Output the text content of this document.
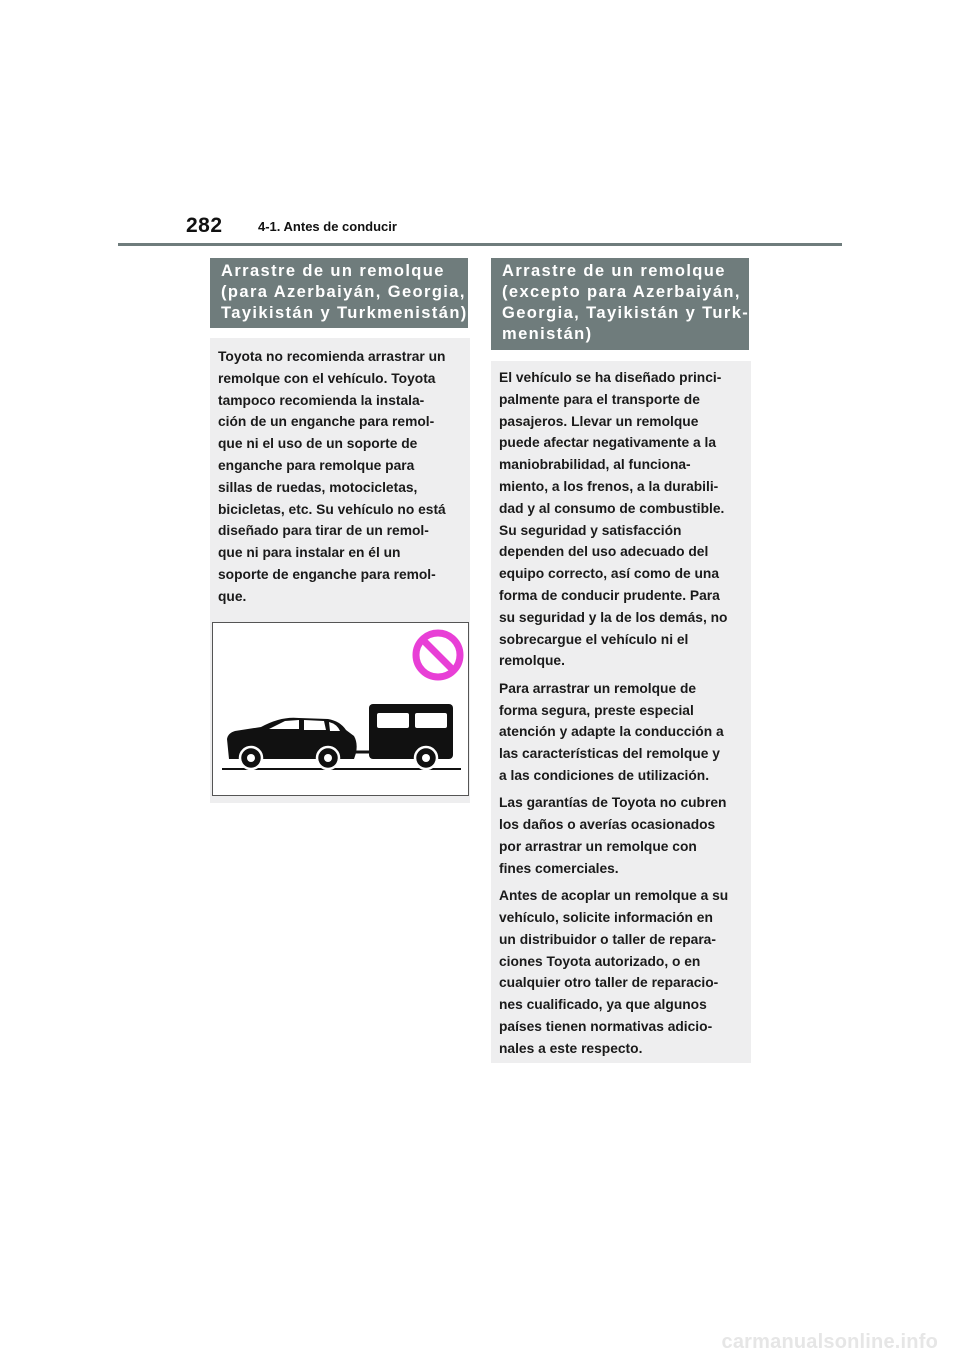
282	4-1. Antes de conducir
Arrastre de un remolque
(para Azerbaiyán, Georgia,
Tayikistán y Turkmenistán)
Toyota no recomienda arrastrar un
remolque con el vehículo. Toyota
tampoco recomienda la instala-
ción de un enganche para remol-
que ni el uso de un soporte de
enganche para remolque para
sillas de ruedas, motocicletas,
bicicletas, etc. Su vehículo no está
diseñado para tirar de un remol-
que ni para instalar en él un
soporte de enganche para remol-
que.
Arrastre de un remolque
(excepto para Azerbaiyán,
Georgia, Tayikistán y Turk-
menistán)
El vehículo se ha diseñado princi-
palmente para el transporte de
pasajeros. Llevar un remolque
puede afectar negativamente a la
maniobrabilidad, al funciona-
miento, a los frenos, a la durabili-
dad y al consumo de combustible.
Su seguridad y satisfacción
dependen del uso adecuado del
equipo correcto, así como de una
forma de conducir prudente. Para
su seguridad y la de los demás, no
sobrecargue el vehículo ni el
remolque.
Para arrastrar un remolque de
forma segura, preste especial
atención y adapte la conducción a
las características del remolque y
a las condiciones de utilización.
Las garantías de Toyota no cubren
los daños o averías ocasionados
por arrastrar un remolque con
fines comerciales.
Antes de acoplar un remolque a su
vehículo, solicite información en
un distribuidor o taller de repara-
ciones Toyota autorizado, o en
cualquier otro taller de reparacio-
nes cualificado, ya que algunos
países tienen normativas adicio-
nales a este respecto.
carmanualsonline.info
